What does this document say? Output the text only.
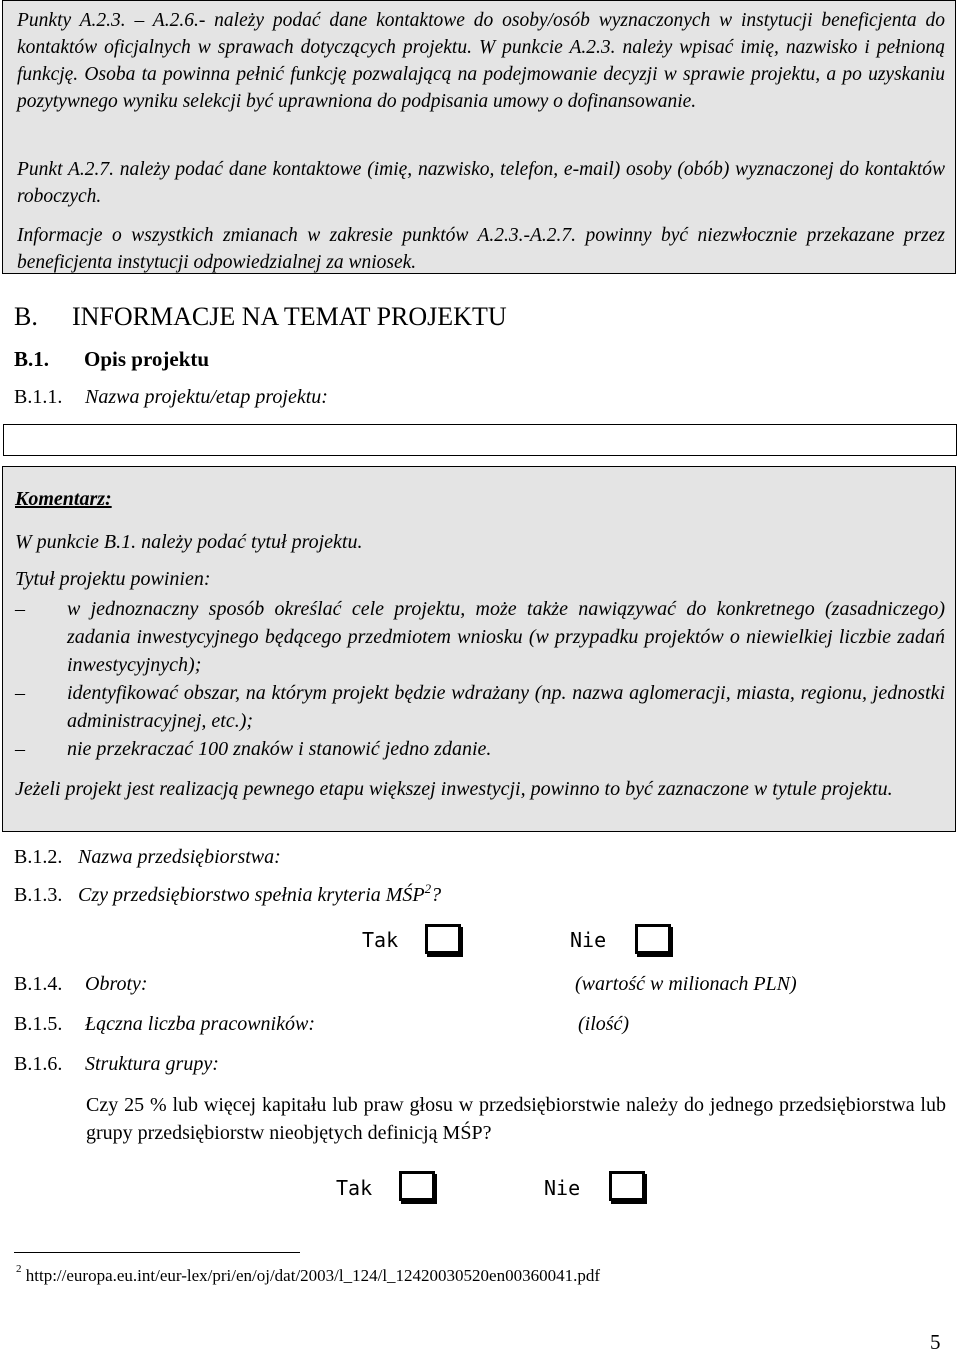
Punkty A.2.3. – A.2.6.- należy podać dane kontaktowe do osoby/osób wyznaczonych w instytucji beneficjenta do kontaktów oficjalnych w sprawach dotyczących projektu. W punkcie A.2.3. należy wpisać imię, nazwisko i pełnioną funkcję. Osoba ta powinna pełnić funkcję pozwalającą na podejmowanie decyzji w sprawie projektu, a po uzyskaniu pozytywnego wyniku selekcji być uprawniona do podpisania umowy o dofinansowanie.

Punkt A.2.7. należy podać dane kontaktowe (imię, nazwisko, telefon, e-mail) osoby (obób) wyznaczonej do kontaktów roboczych.

Informacje o wszystkich zmianach w zakresie punktów A.2.3.-A.2.7. powinny być niezwłocznie przekazane przez beneficjenta instytucji odpowiedzialnej za wniosek.

B. INFORMACJE NA TEMAT PROJEKTU
B.1. Opis projektu
B.1.1. Nazwa projektu/etap projektu:
Komentarz:
W punkcie B.1. należy podać tytuł projektu.
Tytuł projektu powinien:
– w jednoznaczny sposób określać cele projektu, może także nawiązywać do konkretnego (zasadniczego) zadania inwestycyjnego będącego przedmiotem wniosku (w przypadku projektów o niewielkiej liczbie zadań inwestycyjnych);
– identyfikować obszar, na którym projekt będzie wdrażany (np. nazwa aglomeracji, miasta, regionu, jednostki administracyjnej, etc.);
– nie przekraczać 100 znaków i stanowić jedno zdanie.
Jeżeli projekt jest realizacją pewnego etapu większej inwestycji, powinno to być zaznaczone w tytule projektu.
B.1.2. Nazwa przedsiębiorstwa:
B.1.3. Czy przedsiębiorstwo spełnia kryteria MŚP$^2$?
Tak	Nie
B.1.4. Obroty:	(wartość w milionach PLN)
B.1.5. Łączna liczba pracowników:	(ilość)
B.1.6. Struktura grupy:
Czy 25 % lub więcej kapitału lub praw głosu w przedsiębiorstwie należy do jednego przedsiębiorstwa lub grupy przedsiębiorstw nieobjętych definicją MŚP?
Tak	Nie
$^2$ http://europa.eu.int/eur-lex/pri/en/oj/dat/2003/l_124/l_12420030520en00360041.pdf
5
